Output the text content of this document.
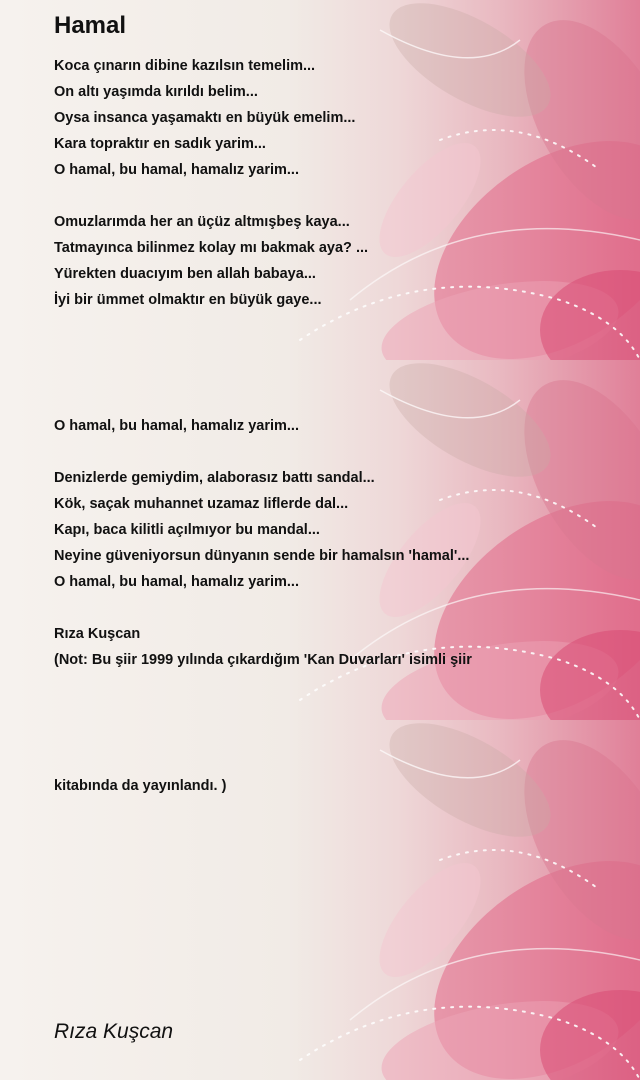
Hamal
Koca çınarın dibine kazılsın temelim...
On altı yaşımda kırıldı belim...
Oysa insanca yaşamaktı en büyük emelim...
Kara topraktır en sadık yarim...
O hamal, bu hamal, hamalız yarim...
Omuzlarımda her an üçüz altmışbeş kaya...
Tatmayınca bilinmez kolay mı bakmak aya? ...
Yürekten duacıyım ben allah babaya...
İyi bir ümmet olmaktır en büyük gaye...
O hamal, bu hamal, hamalız yarim...
Denizlerde gemiydim, alaborasız battı sandal...
Kök, saçak muhannet uzamaz liflerde dal...
Kapı, baca kilitli açılmıyor bu mandal...
Neyine güveniyorsun dünyanın sende bir hamalsın 'hamal'...
O hamal, bu hamal, hamalız yarim...
Rıza Kuşcan
(Not: Bu şiir 1999 yılında çıkardığım 'Kan Duvarları' isimli şiir
kitabında da yayınlandı. )
Rıza Kuşcan
